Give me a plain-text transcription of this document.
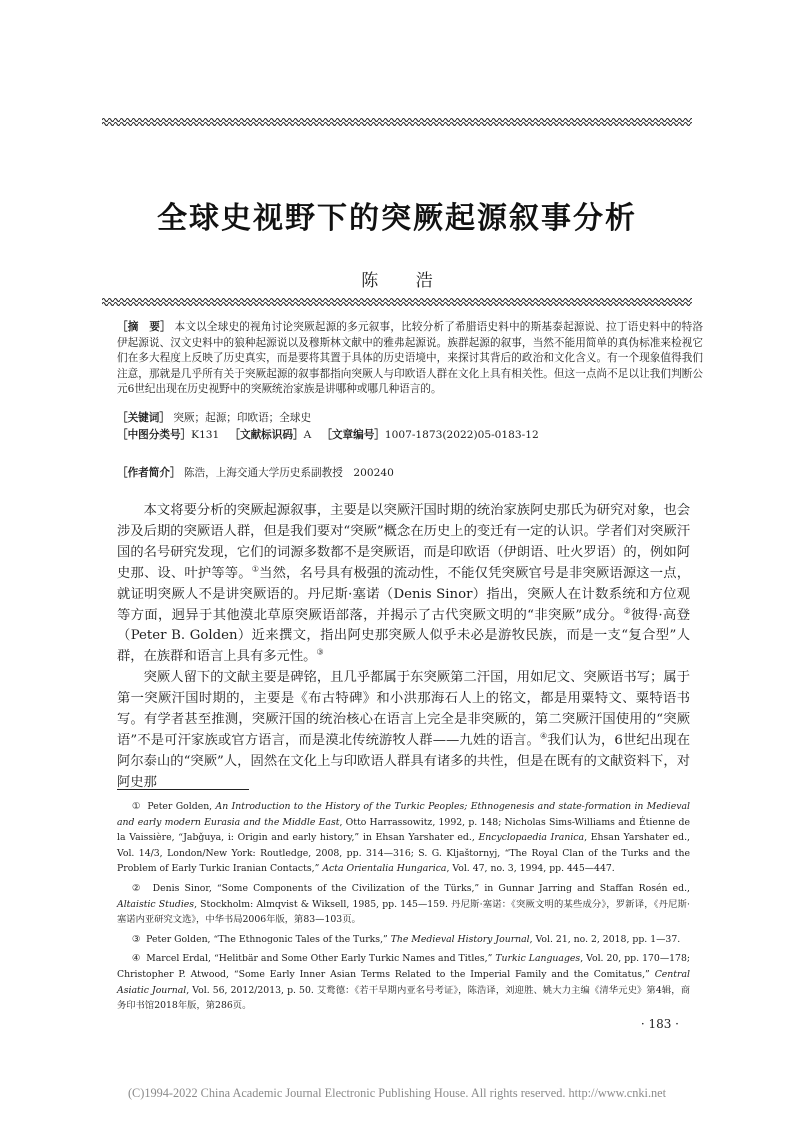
全球史视野下的突厥起源叙事分析
陈 浩
［摘　要］ 本文以全球史的视角讨论突厥起源的多元叙事，比较分析了希腊语史料中的斯基泰起源说、拉丁语史料中的特洛伊起源说、汉文史料中的狼种起源说以及穆斯林文献中的雅弗起源说。族群起源的叙事，当然不能用简单的真伪标准来检视它们在多大程度上反映了历史真实，而是要将其置于具体的历史语境中，来探讨其背后的政治和文化含义。有一个现象值得我们注意，那就是几乎所有关于突厥起源的叙事都指向突厥人与印欧语人群在文化上具有相关性。但这一点尚不足以让我们判断公元6世纪出现在历史视野中的突厥统治家族是讲哪种或哪几种语言的。
［关键词］ 突厥；起源；印欧语；全球史
［中图分类号］K131 ［文献标识码］A ［文章编号］1007-1873(2022)05-0183-12
［作者简介］ 陈浩，上海交通大学历史系副教授　200240

本文将要分析的突厥起源叙事，主要是以突厥汗国时期的统治家族阿史那氏为研究对象，也会涉及后期的突厥语人群，但是我们要对“突厥”概念在历史上的变迁有一定的认识。学者们对突厥汗国的名号研究发现，它们的词源多数都不是突厥语，而是印欧语（伊朗语、吐火罗语）的，例如阿史那、设、叶护等等。①当然，名号具有极强的流动性，不能仅凭突厥官号是非突厥语源这一点，就证明突厥人不是讲突厥语的。丹尼斯·塞诺（Denis Sinor）指出，突厥人在计数系统和方位观等方面，迥异于其他漠北草原突厥语部落，并揭示了古代突厥文明的“非突厥”成分。②彼得·高登（Peter B. Golden）近来撰文，指出阿史那突厥人似乎未必是游牧民族，而是一支“复合型”人群，在族群和语言上具有多元性。③

突厥人留下的文献主要是碑铭，且几乎都属于东突厥第二汗国，用如尼文、突厥语书写；属于第一突厥汗国时期的，主要是《布古特碑》和小洪那海石人上的铭文，都是用粟特文、粟特语书写。有学者甚至推测，突厥汗国的统治核心在语言上完全是非突厥的，第二突厥汗国使用的“突厥语”不是可汗家族或官方语言，而是漠北传统游牧人群——九姓的语言。④我们认为，6世纪出现在阿尔泰山的“突厥”人，固然在文化上与印欧语人群具有诸多的共性，但是在既有的文献资料下，对阿史那

① Peter Golden, An Introduction to the History of the Turkic Peoples; Ethnogenesis and state-formation in Medieval and early modern Eurasia and the Middle East, Otto Harrassowitz, 1992, p. 148; Nicholas Sims-Williams and Étienne de la Vaissière, “Jabǧuya, i: Origin and early history,” in Ehsan Yarshater ed., Encyclopaedia Iranica, Ehsan Yarshater ed., Vol. 14/3, London/New York: Routledge, 2008, pp. 314—316; S. G. Kljaštornyj, “The Royal Clan of the Turks and the Problem of Early Turkic Iranian Contacts,” Acta Orientalia Hungarica, Vol. 47, no. 3, 1994, pp. 445—447.

② Denis Sinor, “Some Components of the Civilization of the Türks,” in Gunnar Jarring and Staffan Rosén ed., Altaistic Studies, Stockholm: Almqvist & Wiksell, 1985, pp. 145—159. 丹尼斯·塞诺：《突厥文明的某些成分》，罗新译，《丹尼斯·塞诺内亚研究文选》，中华书局2006年版，第83—103页。

③ Peter Golden, “The Ethnogonic Tales of the Turks,” The Medieval History Journal, Vol. 21, no. 2, 2018, pp. 1—37.

④ Marcel Erdal, “Helitbär and Some Other Early Turkic Names and Titles,” Turkic Languages, Vol. 20, pp. 170—178; Christopher P. Atwood, “Some Early Inner Asian Terms Related to the Imperial Family and the Comitatus,” Central Asiatic Journal, Vol. 56, 2012/2013, p. 50. 艾鹜德：《若干早期内亚名号考证》，陈浩译，刘迎胜、姚大力主编《清华元史》第4辑，商务印书馆2018年版，第286页。

· 183 ·
(C)1994-2022 China Academic Journal Electronic Publishing House. All rights reserved. http://www.cnki.net
